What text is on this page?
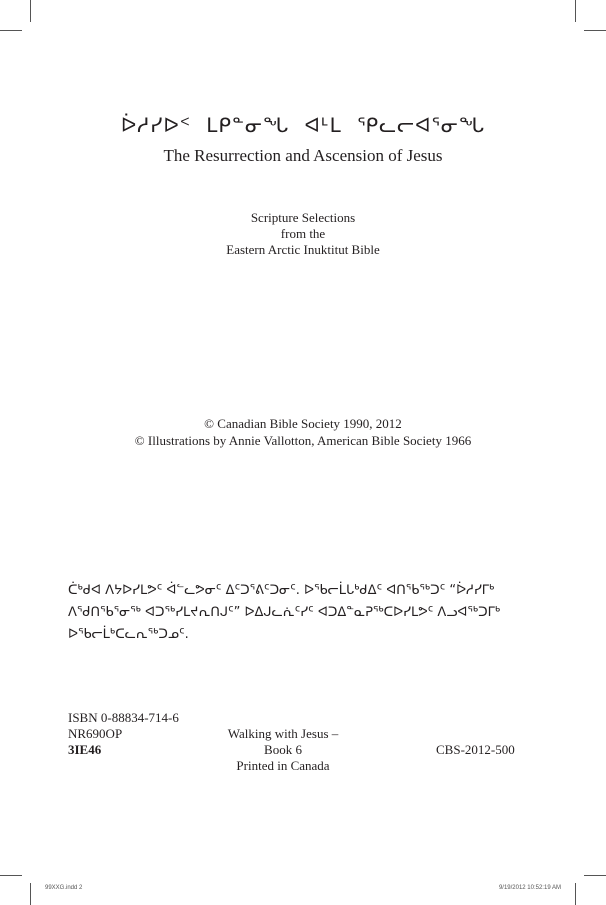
ᐆᓱᓯᐅᑉ ᒪᑭᓐᓂᖓ ᐊᒻᒪ ᕿᓚᓕᐊᕐᓂᖓ
The Resurrection and Ascension of Jesus
Scripture Selections
from the
Eastern Arctic Inuktitut Bible
© Canadian Bible Society 1990, 2012
© Illustrations by Annie Vallotton, American Bible Society 1966
ᑖᒃᑯᐊ ᐱᔭᐅᓯᒪᕗᑦ ᐋᓪᓚᕗᓂᑦ ᐃᑦᑐᕐᕕᑦᑐᓂᑦ. ᐅᖃᓕᒫᒐᒃᑯᐃᑦ ᐊᑎᖃᖅᑐᑦ “ᐆᓱᓯᒥᒃ
ᐱᖁᑎᖃᕐᓂᖅ ᐊᑐᖅᓯᒪᔪᕆᑎᒍᑦ” ᐅᐃᒍᓚᕇᑦᓯᑦ ᐊᑐᐃᓐᓇᕈᖅᑕᐅᓯᒪᕗᑦ ᐱᓗᐊᖅᑐᒥᒃ
ᐅᖃᓕᒫᒃᑕᓚᕆᖅᑐᓄᑦ.
ISBN 0-88834-714-6
NR690OP
3IE46
Walking with Jesus – Book 6
Printed in Canada
CBS-2012-500
99XXG.indd 2	9/19/2012 10:52:19 AM
